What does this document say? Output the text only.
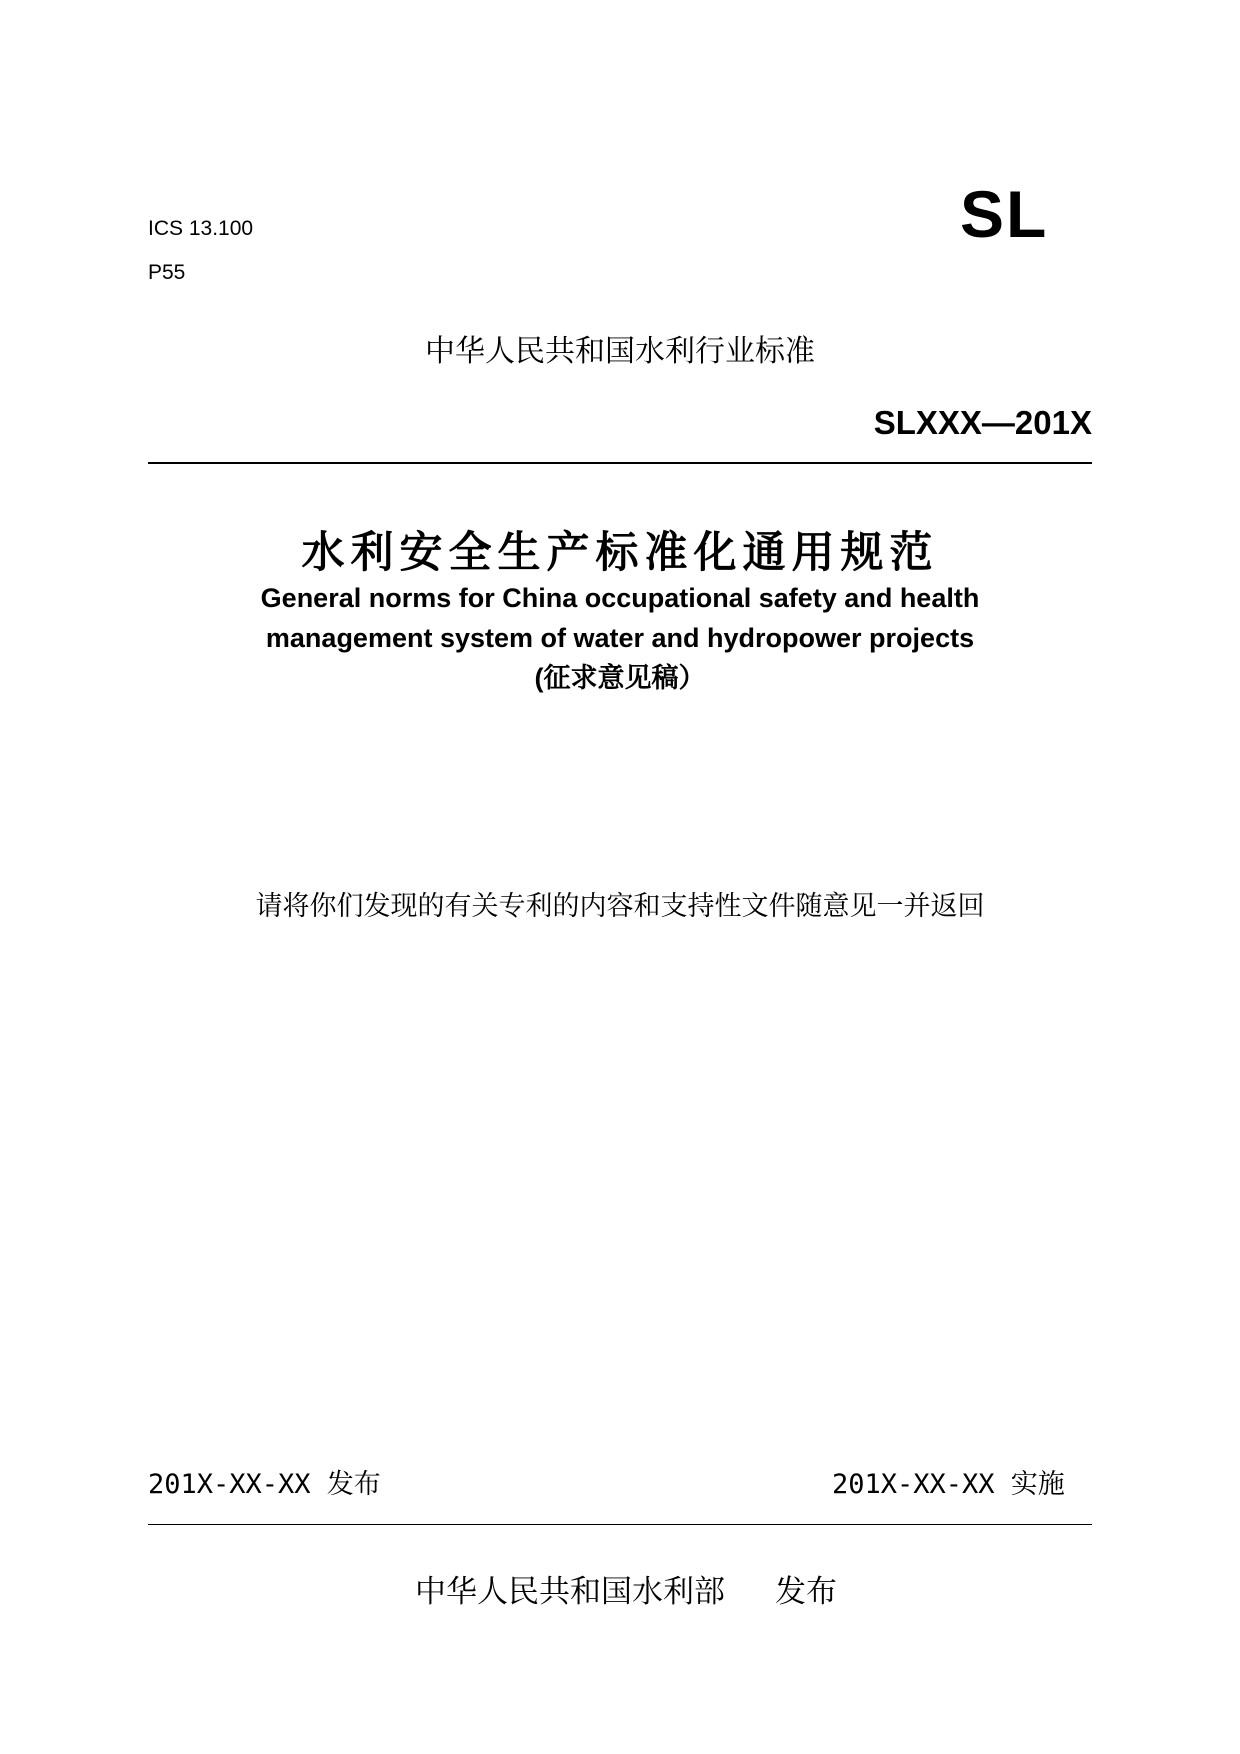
ICS 13.100
P55
SL
中华人民共和国水利行业标准
SLXXX—201X
水利安全生产标准化通用规范
General norms for China occupational safety and health
management system of water and hydropower projects
(征求意见稿）
请将你们发现的有关专利的内容和支持性文件随意见一并返回
201X-XX-XX 发布	201X-XX-XX 实施
中华人民共和国水利部 发布
